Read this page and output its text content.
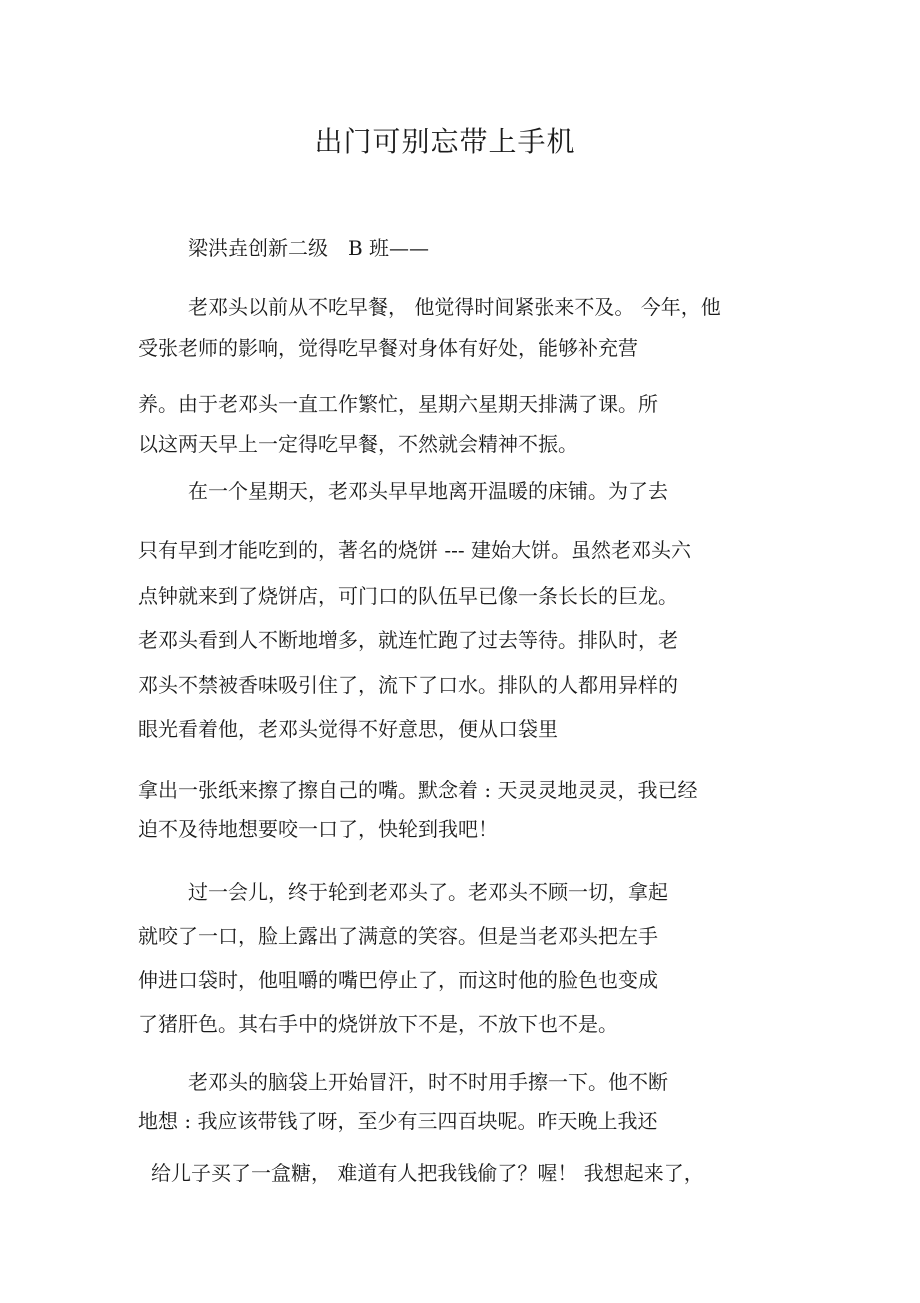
出门可别忘带上手机

梁洪垚创新二级　B 班——

老邓头以前从不吃早餐， 他觉得时间紧张来不及。 今年，他

受张老师的影响，觉得吃早餐对身体有好处，能够补充营

养。由于老邓头一直工作繁忙，星期六星期天排满了课。所

以这两天早上一定得吃早餐，不然就会精神不振。

在一个星期天，老邓头早早地离开温暖的床铺。为了去

只有早到才能吃到的，著名的烧饼 --- 建始大饼。虽然老邓头六

点钟就来到了烧饼店，可门口的队伍早已像一条长长的巨龙。

老邓头看到人不断地增多，就连忙跑了过去等待。排队时，老

邓头不禁被香味吸引住了，流下了口水。排队的人都用异样的

眼光看着他，老邓头觉得不好意思，便从口袋里

拿出一张纸来擦了擦自己的嘴。默念着 : 天灵灵地灵灵，我已经

迫不及待地想要咬一口了，快轮到我吧！

过一会儿，终于轮到老邓头了。老邓头不顾一切，拿起

就咬了一口，脸上露出了满意的笑容。但是当老邓头把左手

伸进口袋时，他咀嚼的嘴巴停止了，而这时他的脸色也变成

了猪肝色。其右手中的烧饼放下不是，不放下也不是。

老邓头的脑袋上开始冒汗，时不时用手擦一下。他不断

地想 : 我应该带钱了呀，至少有三四百块呢。昨天晚上我还

给儿子买了一盒糖， 难道有人把我钱偷了？喔！ 我想起来了，
